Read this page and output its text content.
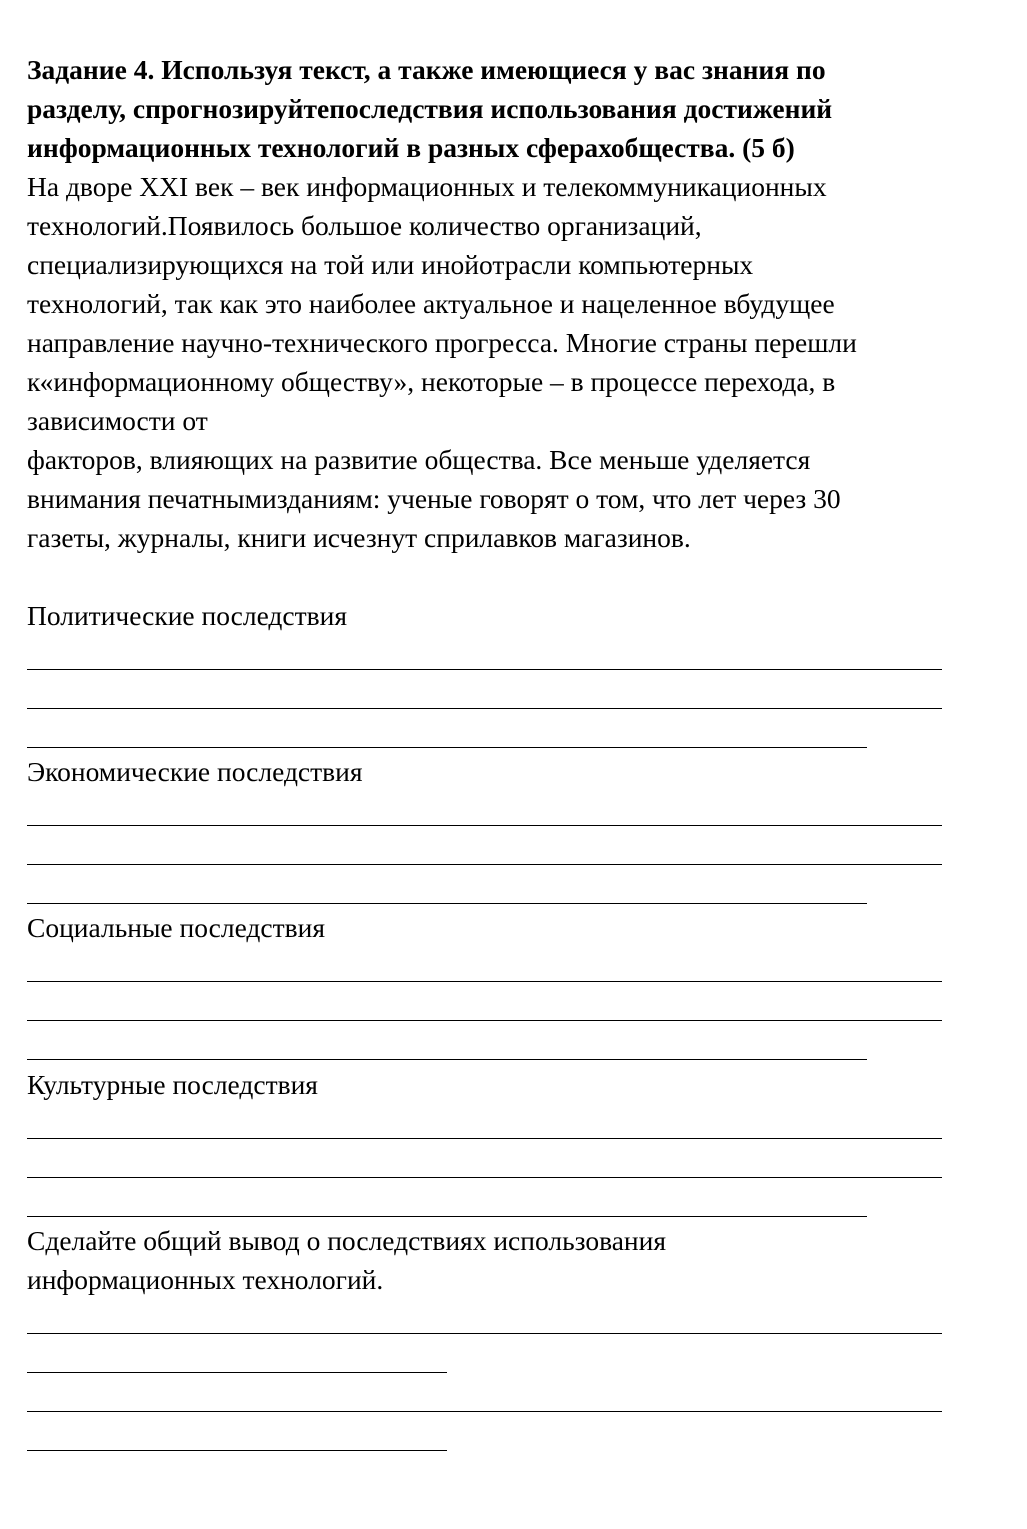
Задание 4. Используя текст, а также имеющиеся у вас знания по
разделу, спрогнозируйтепоследствия использования достижений
информационных технологий в разных сферахобщества. (5 б)

На дворе XXI век – век информационных и телекоммуникационных
технологий.Появилось большое количество организаций,
специализирующихся на той или инойотрасли компьютерных
технологий, так как это наиболее актуальное и нацеленное вбудущее
направление научно-технического прогресса. Многие страны перешли
к«информационному обществу», некоторые – в процессе перехода, в
зависимости от
факторов, влияющих на развитие общества. Все меньше уделяется
внимания печатнымизданиям: ученые говорят о том, что лет через 30
газеты, журналы, книги исчезнут сприлавков магазинов.

Политические последствия
Экономические последствия
Социальные последствия
Культурные последствия
Сделайте общий вывод о последствиях использования
информационных технологий.
